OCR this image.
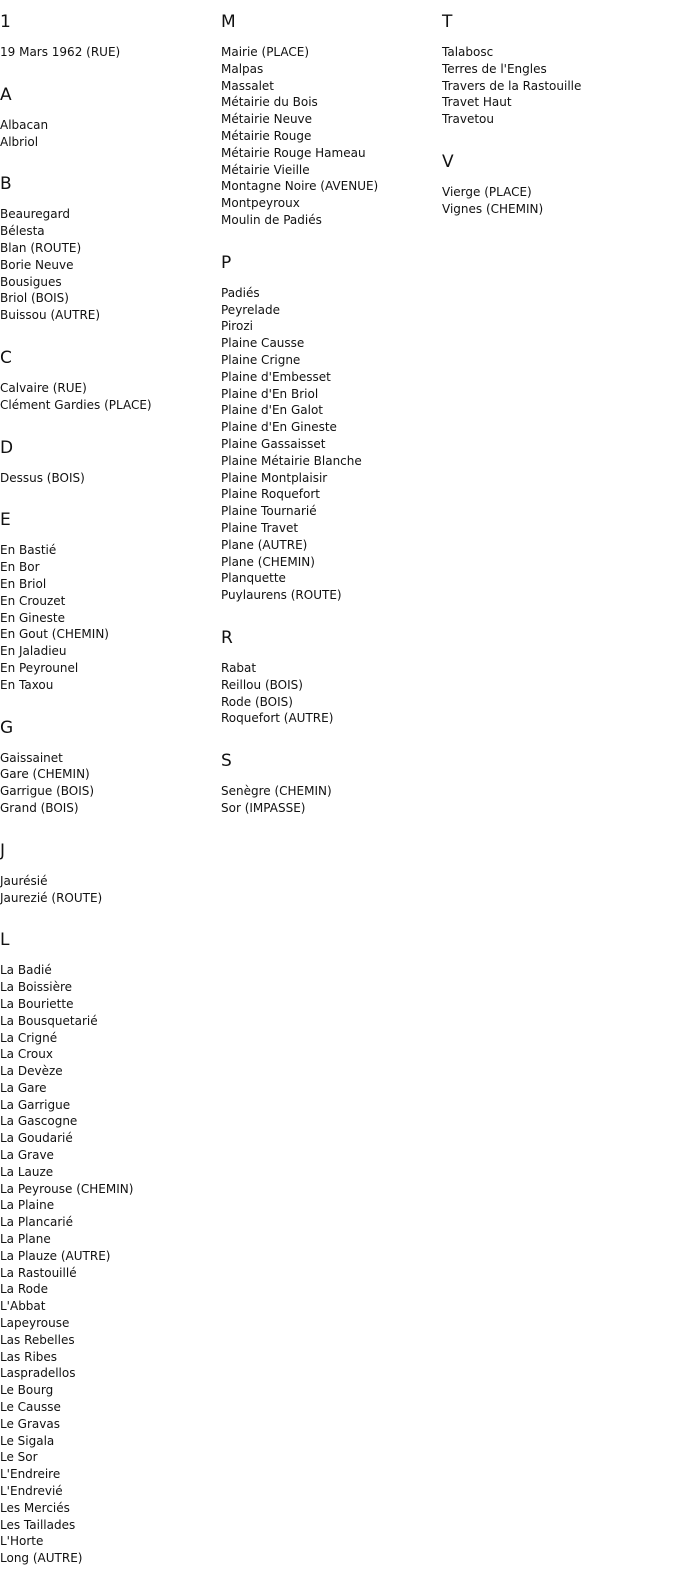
1
19 Mars 1962 (RUE)
A
Albacan
Albriol
B
Beauregard
Bélesta
Blan (ROUTE)
Borie Neuve
Bousigues
Briol (BOIS)
Buissou (AUTRE)
C
Calvaire (RUE)
Clément Gardies (PLACE)
D
Dessus (BOIS)
E
En Bastié
En Bor
En Briol
En Crouzet
En Gineste
En Gout (CHEMIN)
En Jaladieu
En Peyrounel
En Taxou
G
Gaissainet
Gare (CHEMIN)
Garrigue (BOIS)
Grand (BOIS)
J
Jaurésié
Jaurezié (ROUTE)
L
La Badié
La Boissière
La Bouriette
La Bousquetarié
La Crigné
La Croux
La Devèze
La Gare
La Garrigue
La Gascogne
La Goudarié
La Grave
La Lauze
La Peyrouse (CHEMIN)
La Plaine
La Plancarié
La Plane
La Plauze (AUTRE)
La Rastouillé
La Rode
L'Abbat
Lapeyrouse
Las Rebelles
Las Ribes
Laspradellos
Le Bourg
Le Causse
Le Gravas
Le Sigala
Le Sor
L'Endreire
L'Endrevié
Les Merciés
Les Taillades
L'Horte
Long (AUTRE)
M
Mairie (PLACE)
Malpas
Massalet
Métairie du Bois
Métairie Neuve
Métairie Rouge
Métairie Rouge Hameau
Métairie Vieille
Montagne Noire (AVENUE)
Montpeyroux
Moulin de Padiés
P
Padiés
Peyrelade
Pirozi
Plaine Causse
Plaine Crigne
Plaine d'Embesset
Plaine d'En Briol
Plaine d'En Galot
Plaine d'En Gineste
Plaine Gassaisset
Plaine Métairie Blanche
Plaine Montplaisir
Plaine Roquefort
Plaine Tournarié
Plaine Travet
Plane (AUTRE)
Plane (CHEMIN)
Planquette
Puylaurens (ROUTE)
R
Rabat
Reillou (BOIS)
Rode (BOIS)
Roquefort (AUTRE)
S
Senègre (CHEMIN)
Sor (IMPASSE)
T
Talabosc
Terres de l'Engles
Travers de la Rastouille
Travet Haut
Travetou
V
Vierge (PLACE)
Vignes (CHEMIN)
